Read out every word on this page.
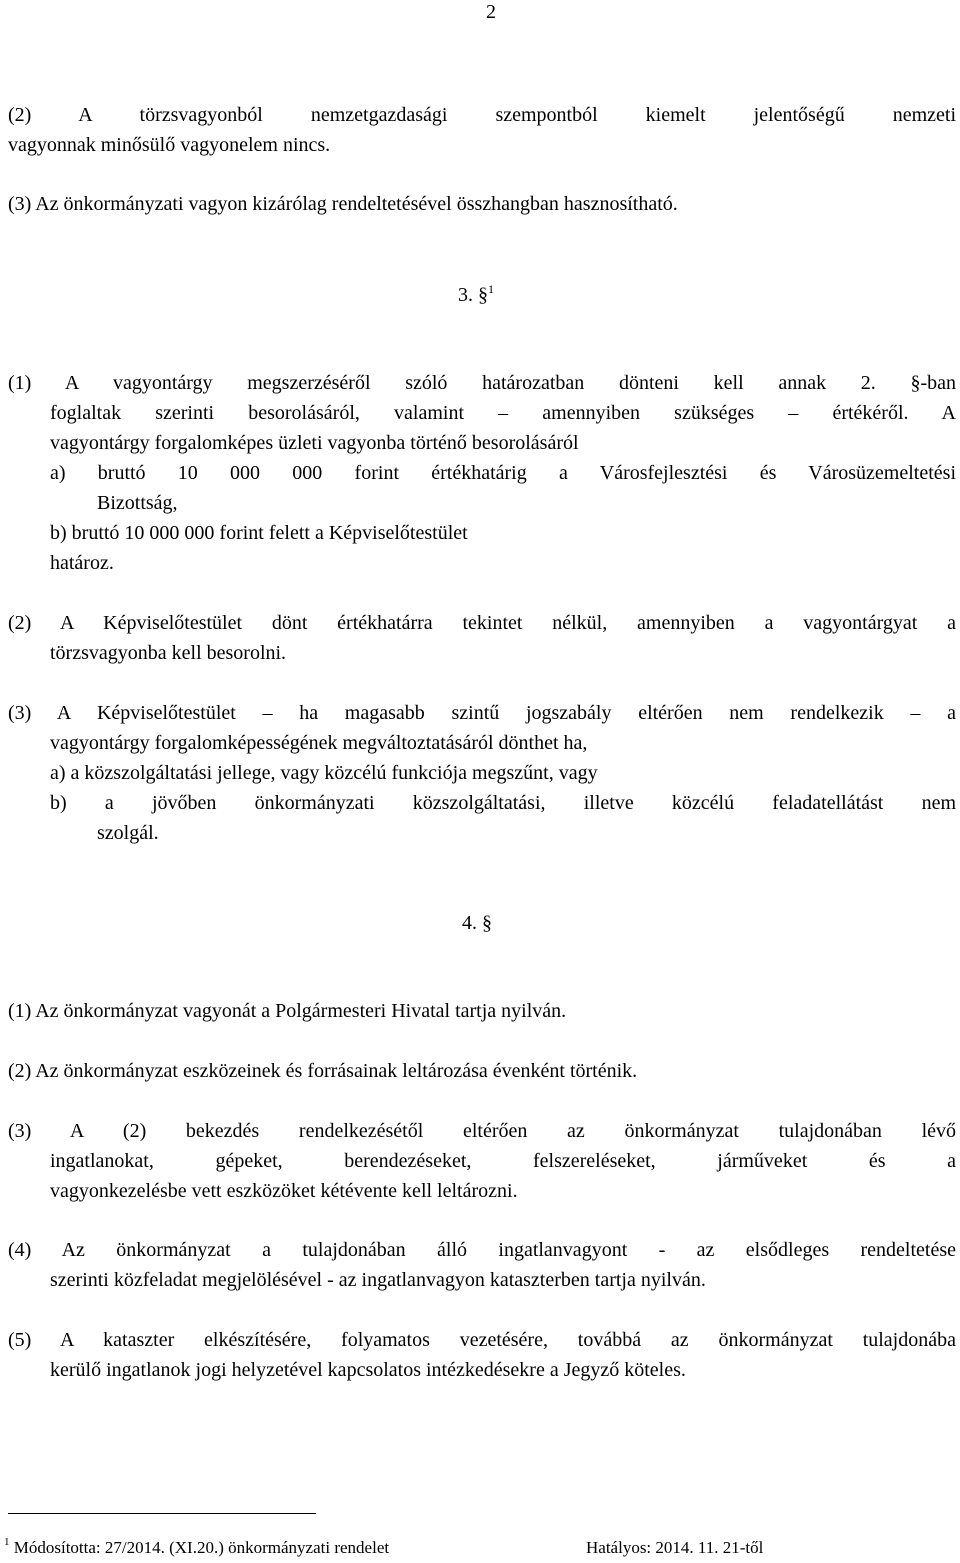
2
(2) A törzsvagyonból nemzetgazdasági szempontból kiemelt jelentőségű nemzeti
vagyonnak minősülő vagyonelem nincs.
(3) Az önkormányzati vagyon kizárólag rendeltetésével összhangban hasznosítható.
3. §$^1$
(1) A vagyontárgy megszerzéséről szóló határozatban dönteni kell annak 2. §-ban
foglaltak szerinti besorolásáról, valamint – amennyiben szükséges – értékéről. A
vagyontárgy forgalomképes üzleti vagyonba történő besorolásáról
a) bruttó 10 000 000 forint értékhatárig a Városfejlesztési és Városüzemeltetési
Bizottság,
b) bruttó 10 000 000 forint felett a Képviselőtestület
határoz.
(2) A Képviselőtestület dönt értékhatárra tekintet nélkül, amennyiben a vagyontárgyat a
törzsvagyonba kell besorolni.
(3) A Képviselőtestület – ha magasabb szintű jogszabály eltérően nem rendelkezik – a
vagyontárgy forgalomképességének megváltoztatásáról dönthet ha,
a) a közszolgáltatási jellege, vagy közcélú funkciója megszűnt, vagy
b) a jövőben önkormányzati közszolgáltatási, illetve közcélú feladatellátást nem
szolgál.
4. §
(1) Az önkormányzat vagyonát a Polgármesteri Hivatal tartja nyilván.
(2) Az önkormányzat eszközeinek és forrásainak leltározása évenként történik.
(3) A (2) bekezdés rendelkezésétől eltérően az önkormányzat tulajdonában lévő
ingatlanokat, gépeket, berendezéseket, felszereléseket, járműveket és a
vagyonkezelésbe vett eszközöket kétévente kell leltározni.
(4) Az önkormányzat a tulajdonában álló ingatlanvagyont - az elsődleges rendeltetése
szerinti közfeladat megjelölésével - az ingatlanvagyon kataszterben tartja nyilván.
(5) A kataszter elkészítésére, folyamatos vezetésére, továbbá az önkormányzat tulajdonába
kerülő ingatlanok jogi helyzetével kapcsolatos intézkedésekre a Jegyző köteles.
$^1$ Módosította: 27/2014. (XI.20.) önkormányzati rendelet	Hatályos: 2014. 11. 21-től
